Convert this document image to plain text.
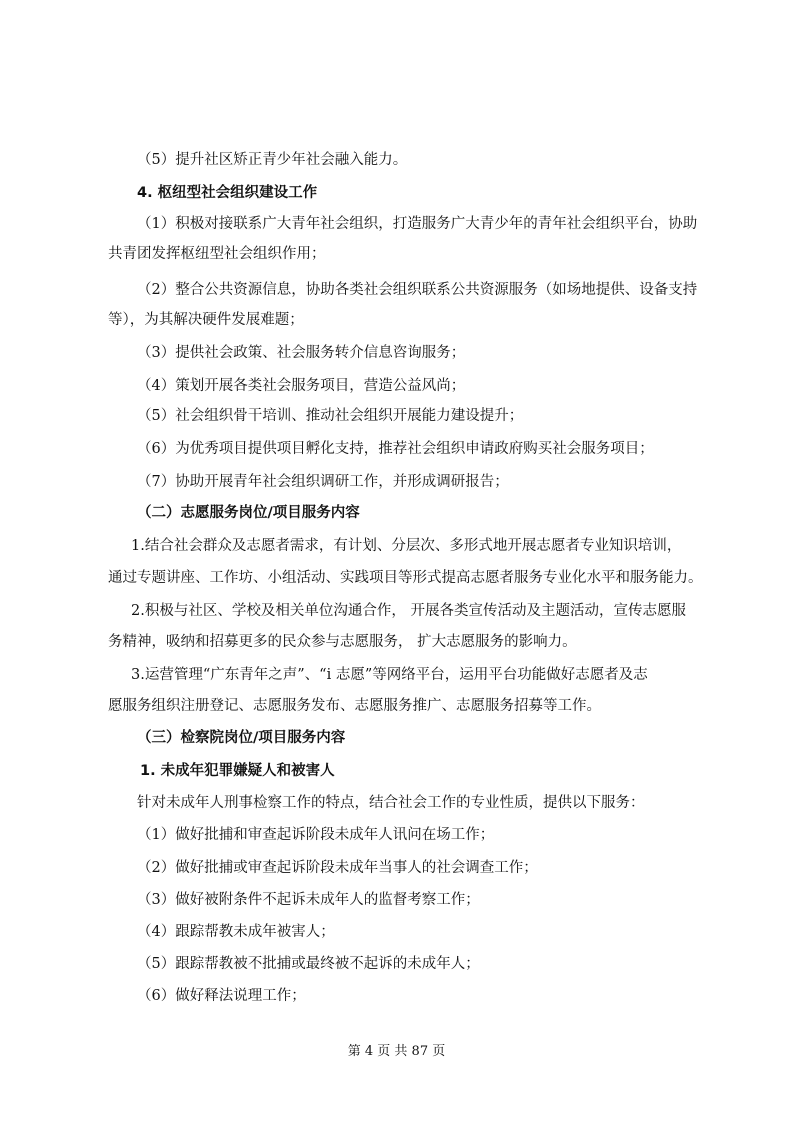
（5）提升社区矫正青少年社会融入能力。
4. 枢纽型社会组织建设工作
（1）积极对接联系广大青年社会组织，打造服务广大青少年的青年社会组织平台，协助
共青团发挥枢纽型社会组织作用；
（2）整合公共资源信息，协助各类社会组织联系公共资源服务（如场地提供、设备支持
等），为其解决硬件发展难题；
（3）提供社会政策、社会服务转介信息咨询服务；
（4）策划开展各类社会服务项目，营造公益风尚；
（5）社会组织骨干培训、推动社会组织开展能力建设提升；
（6）为优秀项目提供项目孵化支持，推荐社会组织申请政府购买社会服务项目；
（7）协助开展青年社会组织调研工作，并形成调研报告；
（二）志愿服务岗位/项目服务内容
1.结合社会群众及志愿者需求，有计划、分层次、多形式地开展志愿者专业知识培训，
通过专题讲座、工作坊、小组活动、实践项目等形式提高志愿者服务专业化水平和服务能力。
2.积极与社区、学校及相关单位沟通合作， 开展各类宣传活动及主题活动，宣传志愿服
务精神，吸纳和招募更多的民众参与志愿服务， 扩大志愿服务的影响力。
3.运营管理“广东青年之声”、“i 志愿”等网络平台，运用平台功能做好志愿者及志
愿服务组织注册登记、志愿服务发布、志愿服务推广、志愿服务招募等工作。
（三）检察院岗位/项目服务内容
1. 未成年犯罪嫌疑人和被害人
针对未成年人刑事检察工作的特点，结合社会工作的专业性质，提供以下服务：
（1）做好批捕和审查起诉阶段未成年人讯问在场工作；
（2）做好批捕或审查起诉阶段未成年当事人的社会调查工作；
（3）做好被附条件不起诉未成年人的监督考察工作；
（4）跟踪帮教未成年被害人；
（5）跟踪帮教被不批捕或最终被不起诉的未成年人；
（6）做好释法说理工作；
第 4 页 共 87 页
